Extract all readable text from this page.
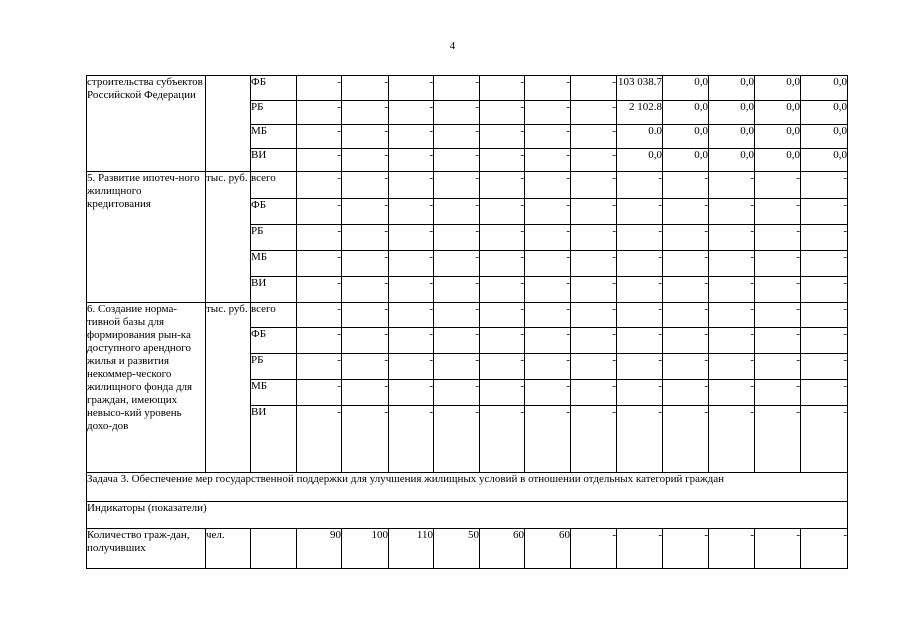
4
строительства субъектов Российской Федерации		ФБ	-	-	-	-	-	-	-	103 038.7	0,0	0,0	0,0	0,0
		РБ	-	-	-	-	-	-	-	2 102.8	0,0	0,0	0,0	0,0
		МБ	-	-	-	-	-	-	-	0.0	0,0	0,0	0,0	0,0
		ВИ	-	-	-	-	-	-	-	0,0	0,0	0,0	0,0	0,0
5. Развитие ипотеч-ного жилищного кредитования	тыс. руб.	всего	-	-	-	-	-	-	-	-	-	-	-	-
		ФБ	-	-	-	-	-	-	-	-	-	-	-	-
		РБ	-	-	-	-	-	-	-	-	-	-	-	-
		МБ	-	-	-	-	-	-	-	-	-	-	-	-
		ВИ	-	-	-	-	-	-	-	-	-	-	-	-
6. Создание норма-тивной базы для формирования рын-ка доступного арендного жилья и развития некоммер-ческого жилищного фонда для граждан, имеющих невысо-кий уровень дохо-дов	тыс. руб.	всего	-	-	-	-	-	-	-	-	-	-	-	-
		ФБ	-	-	-	-	-	-	-	-	-	-	-	-
		РБ	-	-	-	-	-	-	-	-	-	-	-	-
		МБ	-	-	-	-	-	-	-	-	-	-	-	-
		ВИ	-	-	-	-	-	-	-	-	-	-	-	-
Задача 3. Обеспечение мер государственной поддержки для улучшения жилищных условий в отношении отдельных категорий граждан														
Индикаторы (показатели)														
Количество граж-дан, получивших	чел.		90	100	110	50	60	60	-	-	-	-	-	-
